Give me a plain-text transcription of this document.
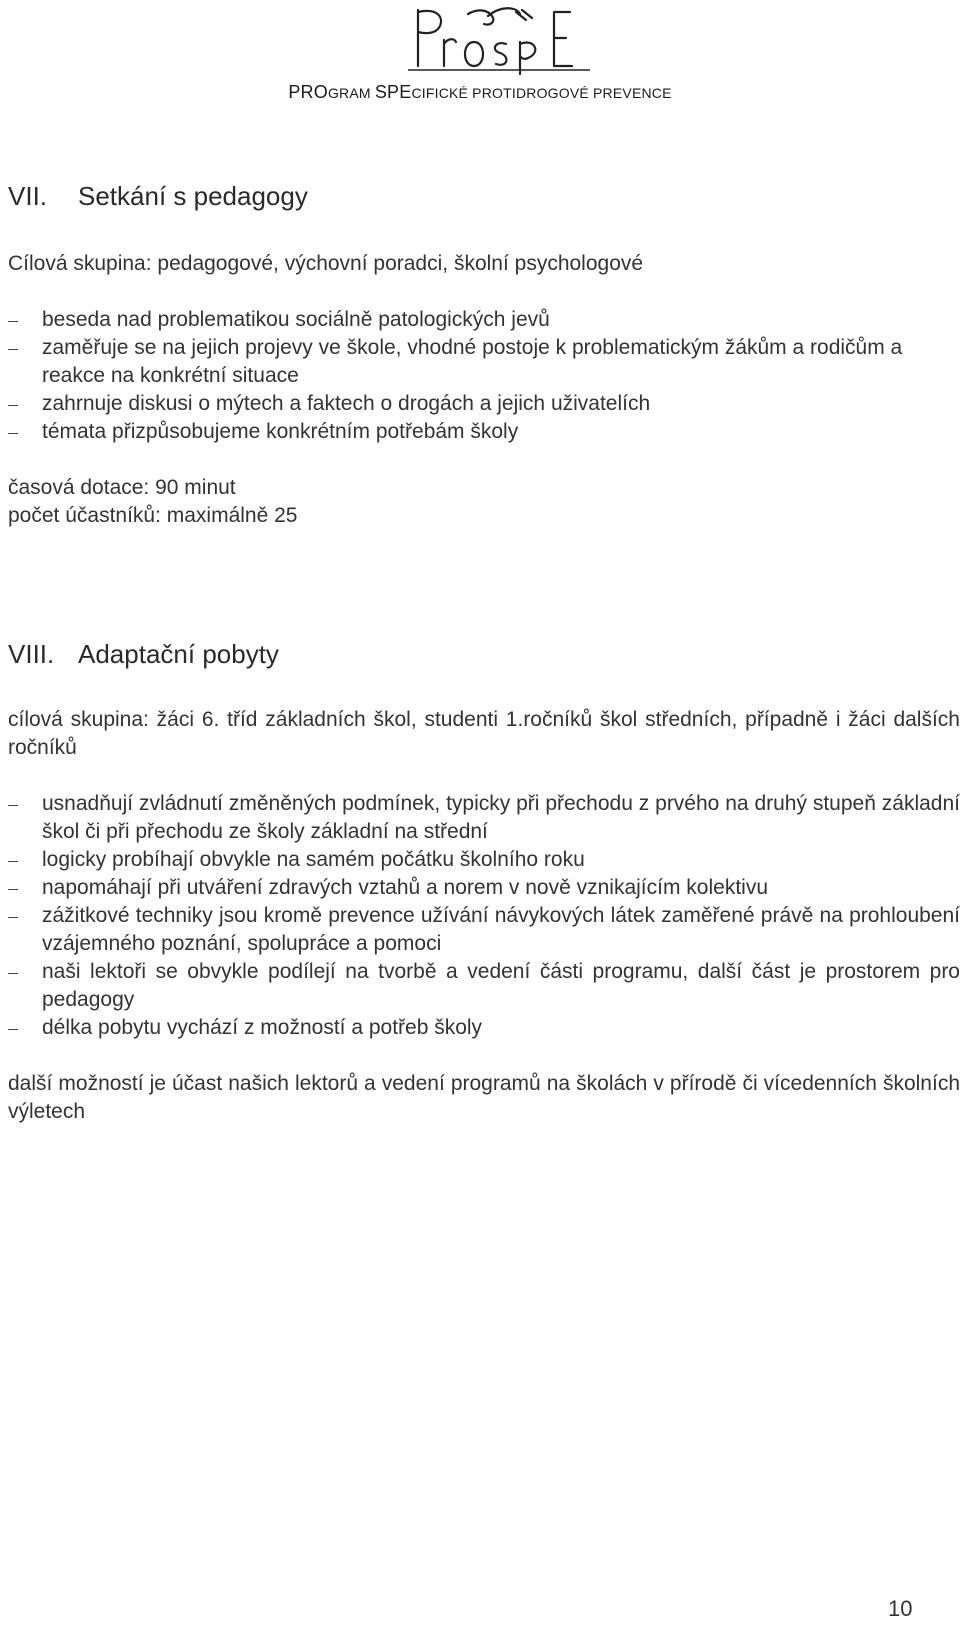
PROSPE
PROGRAM SPECIFICKÉ PROTIDROGOVÉ PREVENCE
VII. Setkání s pedagogy
Cílová skupina: pedagogové, výchovní poradci, školní psychologové
beseda nad problematikou sociálně patologických jevů
zaměřuje se na jejich projevy ve škole, vhodné postoje k problematickým žákům a rodičům a reakce na konkrétní situace
zahrnuje diskusi o mýtech a faktech o drogách a jejich uživatelích
témata přizpůsobujeme konkrétním potřebám školy
časová dotace: 90 minut
počet účastníků: maximálně 25
VIII. Adaptační pobyty
cílová skupina: žáci 6. tříd základních škol, studenti 1.ročníků škol středních, případně i žáci dalších ročníků
usnadňují zvládnutí změněných podmínek, typicky při přechodu z prvého na druhý stupeň základní škol či při přechodu ze školy základní na střední
logicky probíhají obvykle na samém počátku školního roku
napomáhají při utváření zdravých vztahů a norem v nově vznikajícím kolektivu
zážitkové techniky jsou kromě prevence užívání návykových látek zaměřené právě na prohloubení vzájemného poznání, spolupráce a pomoci
naši lektoři se obvykle podílejí na tvorbě a vedení části programu, další část je prostorem pro pedagogy
délka pobytu vychází z možností a potřeb školy
další možností je účast našich lektorů a vedení programů na školách v přírodě či vícedenních školních výletech
10
